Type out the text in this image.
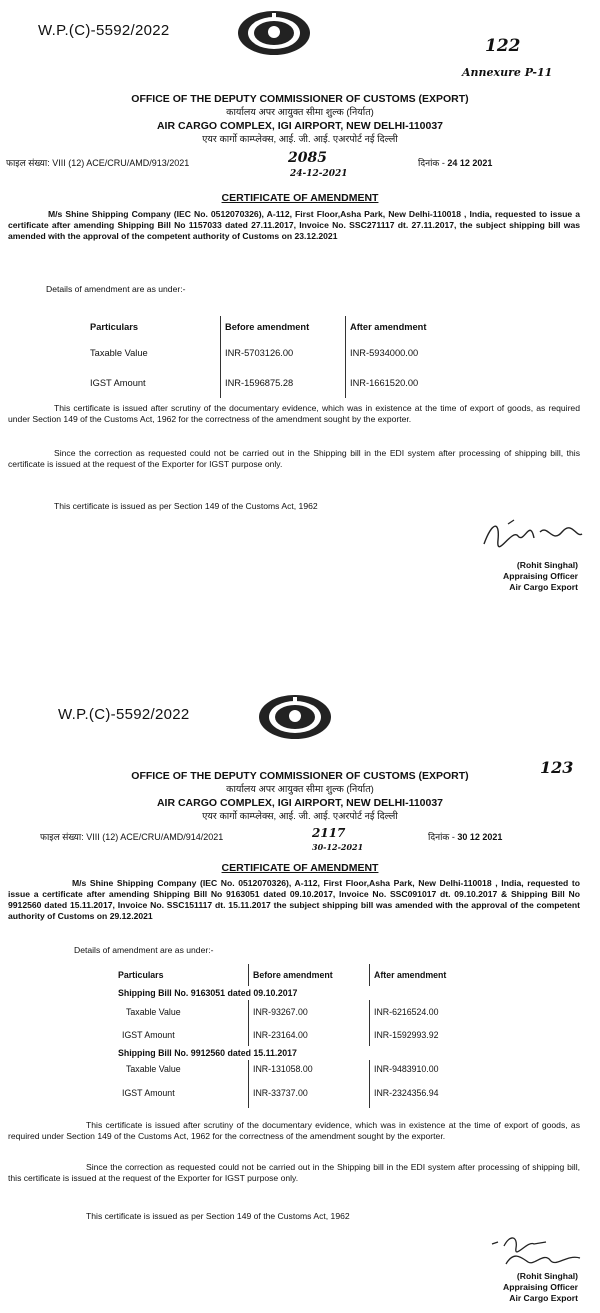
W.P.(C)-5592/2022
122
Annexure P-11
OFFICE OF THE DEPUTY COMMISSIONER OF CUSTOMS (EXPORT)
कार्यालय अपर आयुक्त सीमा शुल्क (निर्यात)
AIR CARGO COMPLEX, IGI AIRPORT, NEW DELHI-110037
एयर कार्गो काम्प्लेक्स, आई. जी. आई. एअरपोर्ट नई दिल्ली
फाइल संख्या: VIII (12) ACE/CRU/AMD/913/2021	2085
24-12-2021
दिनांक - 24 12 2021
CERTIFICATE OF AMENDMENT
M/s Shine Shipping Company (IEC No. 0512070326), A-112, First Floor,Asha Park, New Delhi-110018 , India, requested to issue a certificate after amending Shipping Bill No 1157033 dated 27.11.2017, Invoice No. SSC271117 dt. 27.11.2017, the subject shipping bill was amended with the approval of the competent authority of Customs on 23.12.2021
Details of amendment are as under:-
Particulars	Before amendment	After amendment
Taxable Value	INR-5703126.00	INR-5934000.00
IGST Amount	INR-1596875.28	INR-1661520.00
This certificate is issued after scrutiny of the documentary evidence, which was in existence at the time of export of goods, as required under Section 149 of the Customs Act, 1962 for the correctness of the amendment sought by the exporter.
Since the correction as requested could not be carried out in the Shipping bill in the EDI system after processing of shipping bill, this certificate is issued at the request of the Exporter for IGST purpose only.
This certificate is issued as per Section 149 of the Customs Act, 1962
(Rohit Singhal)
Appraising Officer
Air Cargo Export
W.P.(C)-5592/2022
123
OFFICE OF THE DEPUTY COMMISSIONER OF CUSTOMS (EXPORT)
कार्यालय अपर आयुक्त सीमा शुल्क (निर्यात)
AIR CARGO COMPLEX, IGI AIRPORT, NEW DELHI-110037
एयर कार्गो काम्प्लेक्स, आई. जी. आई. एअरपोर्ट नई दिल्ली
फाइल संख्या: VIII (12) ACE/CRU/AMD/914/2021	2117
30-12-2021
दिनांक - 30 12 2021
CERTIFICATE OF AMENDMENT
M/s Shine Shipping Company (IEC No. 0512070326), A-112, First Floor,Asha Park, New Delhi-110018 , India, requested to issue a certificate after amending Shipping Bill No 9163051 dated 09.10.2017, Invoice No. SSC091017 dt. 09.10.2017 & Shipping Bill No 9912560 dated 15.11.2017, Invoice No. SSC151117 dt. 15.11.2017 the subject shipping bill was amended with the approval of the competent authority of Customs on 29.12.2021
Details of amendment are as under:-
Particulars	Before amendment	After amendment
Shipping Bill No. 9163051 dated 09.10.2017		
Taxable Value	INR-93267.00	INR-6216524.00
IGST Amount	INR-23164.00	INR-1592993.92
Shipping Bill No. 9912560 dated 15.11.2017		
Taxable Value	INR-131058.00	INR-9483910.00
IGST Amount	INR-33737.00	INR-2324356.94
This certificate is issued after scrutiny of the documentary evidence, which was in existence at the time of export of goods, as required under Section 149 of the Customs Act, 1962 for the correctness of the amendment sought by the exporter.
Since the correction as requested could not be carried out in the Shipping bill in the EDI system after processing of shipping bill, this certificate is issued at the request of the Exporter for IGST purpose only.
This certificate is issued as per Section 149 of the Customs Act, 1962
(Rohit Singhal)
Appraising Officer
Air Cargo Export
